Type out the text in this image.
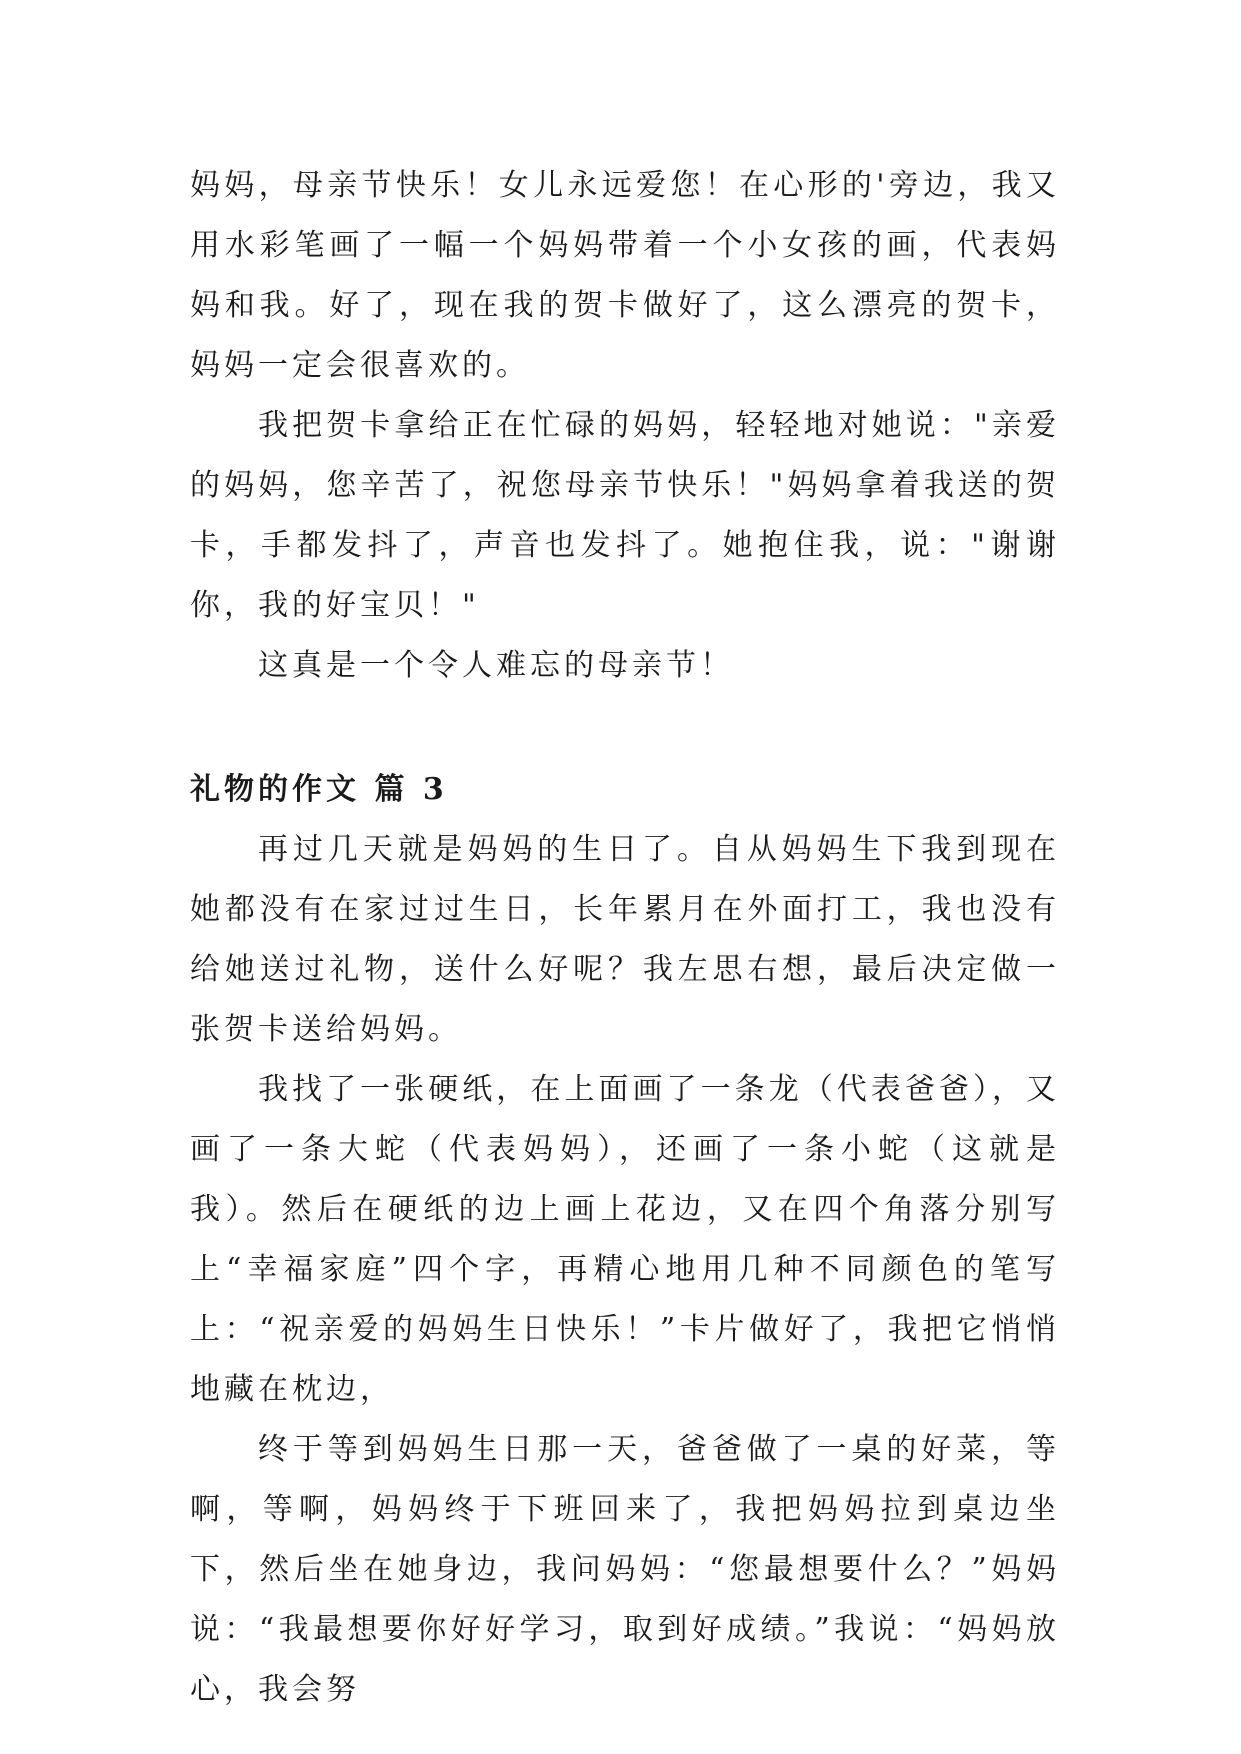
妈妈，母亲节快乐！女儿永远爱您！在心形的'旁边，我又用水彩笔画了一幅一个妈妈带着一个小女孩的画，代表妈妈和我。好了，现在我的贺卡做好了，这么漂亮的贺卡，妈妈一定会很喜欢的。

我把贺卡拿给正在忙碌的妈妈，轻轻地对她说："亲爱的妈妈，您辛苦了，祝您母亲节快乐！"妈妈拿着我送的贺卡，手都发抖了，声音也发抖了。她抱住我，说："谢谢你，我的好宝贝！"

这真是一个令人难忘的母亲节！

礼物的作文 篇 3

再过几天就是妈妈的生日了。自从妈妈生下我到现在她都没有在家过过生日，长年累月在外面打工，我也没有给她送过礼物，送什么好呢？我左思右想，最后决定做一张贺卡送给妈妈。

我找了一张硬纸，在上面画了一条龙（代表爸爸），又画了一条大蛇（代表妈妈），还画了一条小蛇（这就是我）。然后在硬纸的边上画上花边，又在四个角落分别写上“幸福家庭”四个字，再精心地用几种不同颜色的笔写上：“祝亲爱的妈妈生日快乐！”卡片做好了，我把它悄悄地藏在枕边，

终于等到妈妈生日那一天，爸爸做了一桌的好菜，等啊，等啊，妈妈终于下班回来了，我把妈妈拉到桌边坐下，然后坐在她身边，我问妈妈：“您最想要什么？”妈妈说：“我最想要你好好学习，取到好成绩。”我说：“妈妈放心，我会努
